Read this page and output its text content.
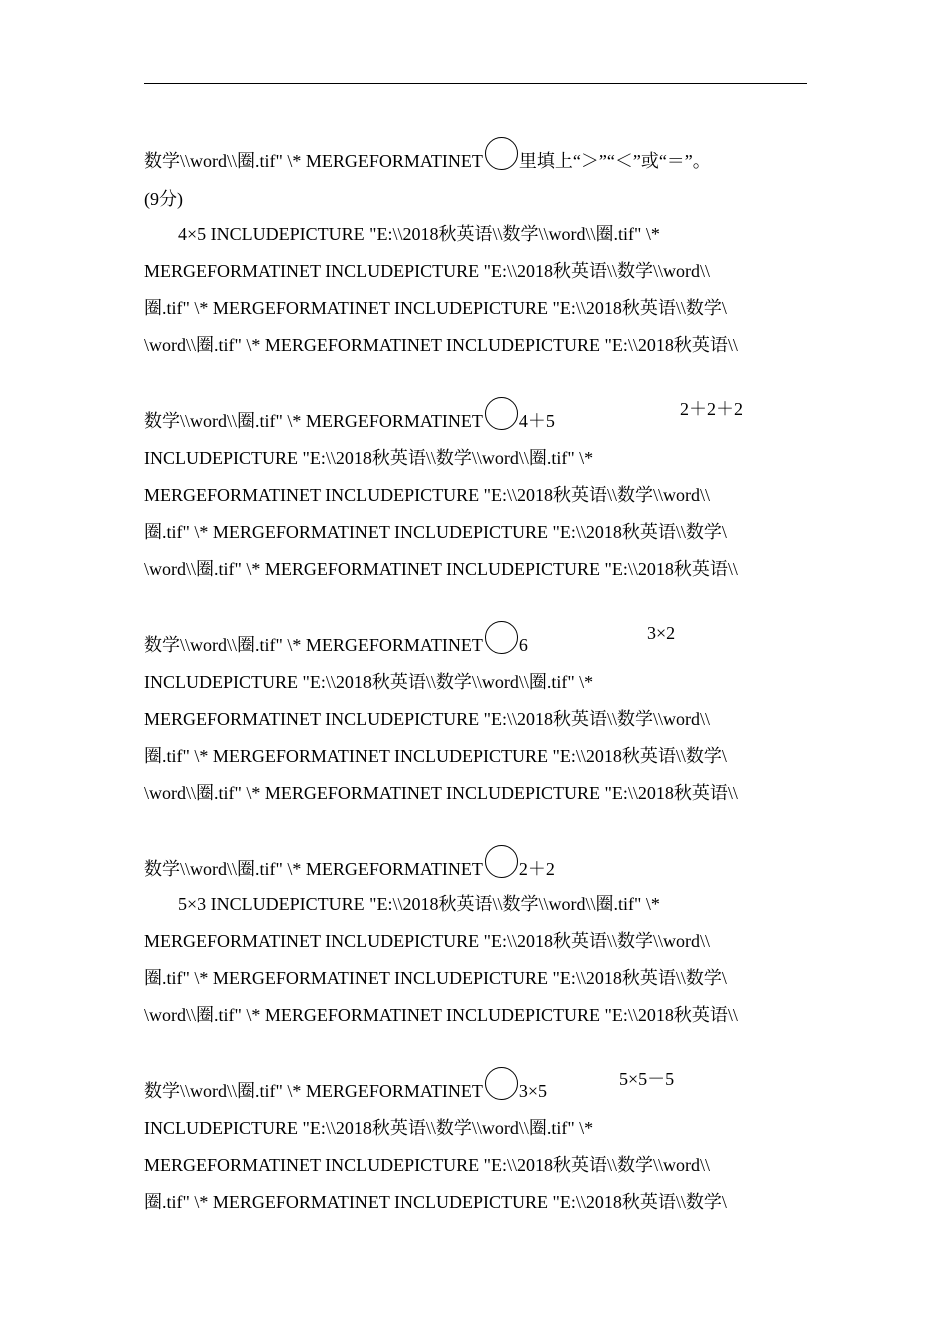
数学\\word\\圈.tif" \* MERGEFORMATINET 里填上“＞”“＜”或“＝”。
(9分)
4×5 INCLUDEPICTURE "E:\\2018秋英语\\数学\\word\\圈.tif" \*
MERGEFORMATINET INCLUDEPICTURE "E:\\2018秋英语\\数学\\word\\
圈.tif" \* MERGEFORMATINET INCLUDEPICTURE "E:\\2018秋英语\\数学\
\word\\圈.tif" \* MERGEFORMATINET INCLUDEPICTURE "E:\\2018秋英语\\
数学\\word\\圈.tif" \* MERGEFORMATINET 4＋5
2＋2＋2
INCLUDEPICTURE "E:\\2018秋英语\\数学\\word\\圈.tif" \*
MERGEFORMATINET INCLUDEPICTURE "E:\\2018秋英语\\数学\\word\\
圈.tif" \* MERGEFORMATINET INCLUDEPICTURE "E:\\2018秋英语\\数学\
\word\\圈.tif" \* MERGEFORMATINET INCLUDEPICTURE "E:\\2018秋英语\\
数学\\word\\圈.tif" \* MERGEFORMATINET 6
3×2
INCLUDEPICTURE "E:\\2018秋英语\\数学\\word\\圈.tif" \*
MERGEFORMATINET INCLUDEPICTURE "E:\\2018秋英语\\数学\\word\\
圈.tif" \* MERGEFORMATINET INCLUDEPICTURE "E:\\2018秋英语\\数学\
\word\\圈.tif" \* MERGEFORMATINET INCLUDEPICTURE "E:\\2018秋英语\\
数学\\word\\圈.tif" \* MERGEFORMATINET 2＋2
5×3 INCLUDEPICTURE "E:\\2018秋英语\\数学\\word\\圈.tif" \*
MERGEFORMATINET INCLUDEPICTURE "E:\\2018秋英语\\数学\\word\\
圈.tif" \* MERGEFORMATINET INCLUDEPICTURE "E:\\2018秋英语\\数学\
\word\\圈.tif" \* MERGEFORMATINET INCLUDEPICTURE "E:\\2018秋英语\\
数学\\word\\圈.tif" \* MERGEFORMATINET 3×5
5×5－5
INCLUDEPICTURE "E:\\2018秋英语\\数学\\word\\圈.tif" \*
MERGEFORMATINET INCLUDEPICTURE "E:\\2018秋英语\\数学\\word\\
圈.tif" \* MERGEFORMATINET INCLUDEPICTURE "E:\\2018秋英语\\数学\
